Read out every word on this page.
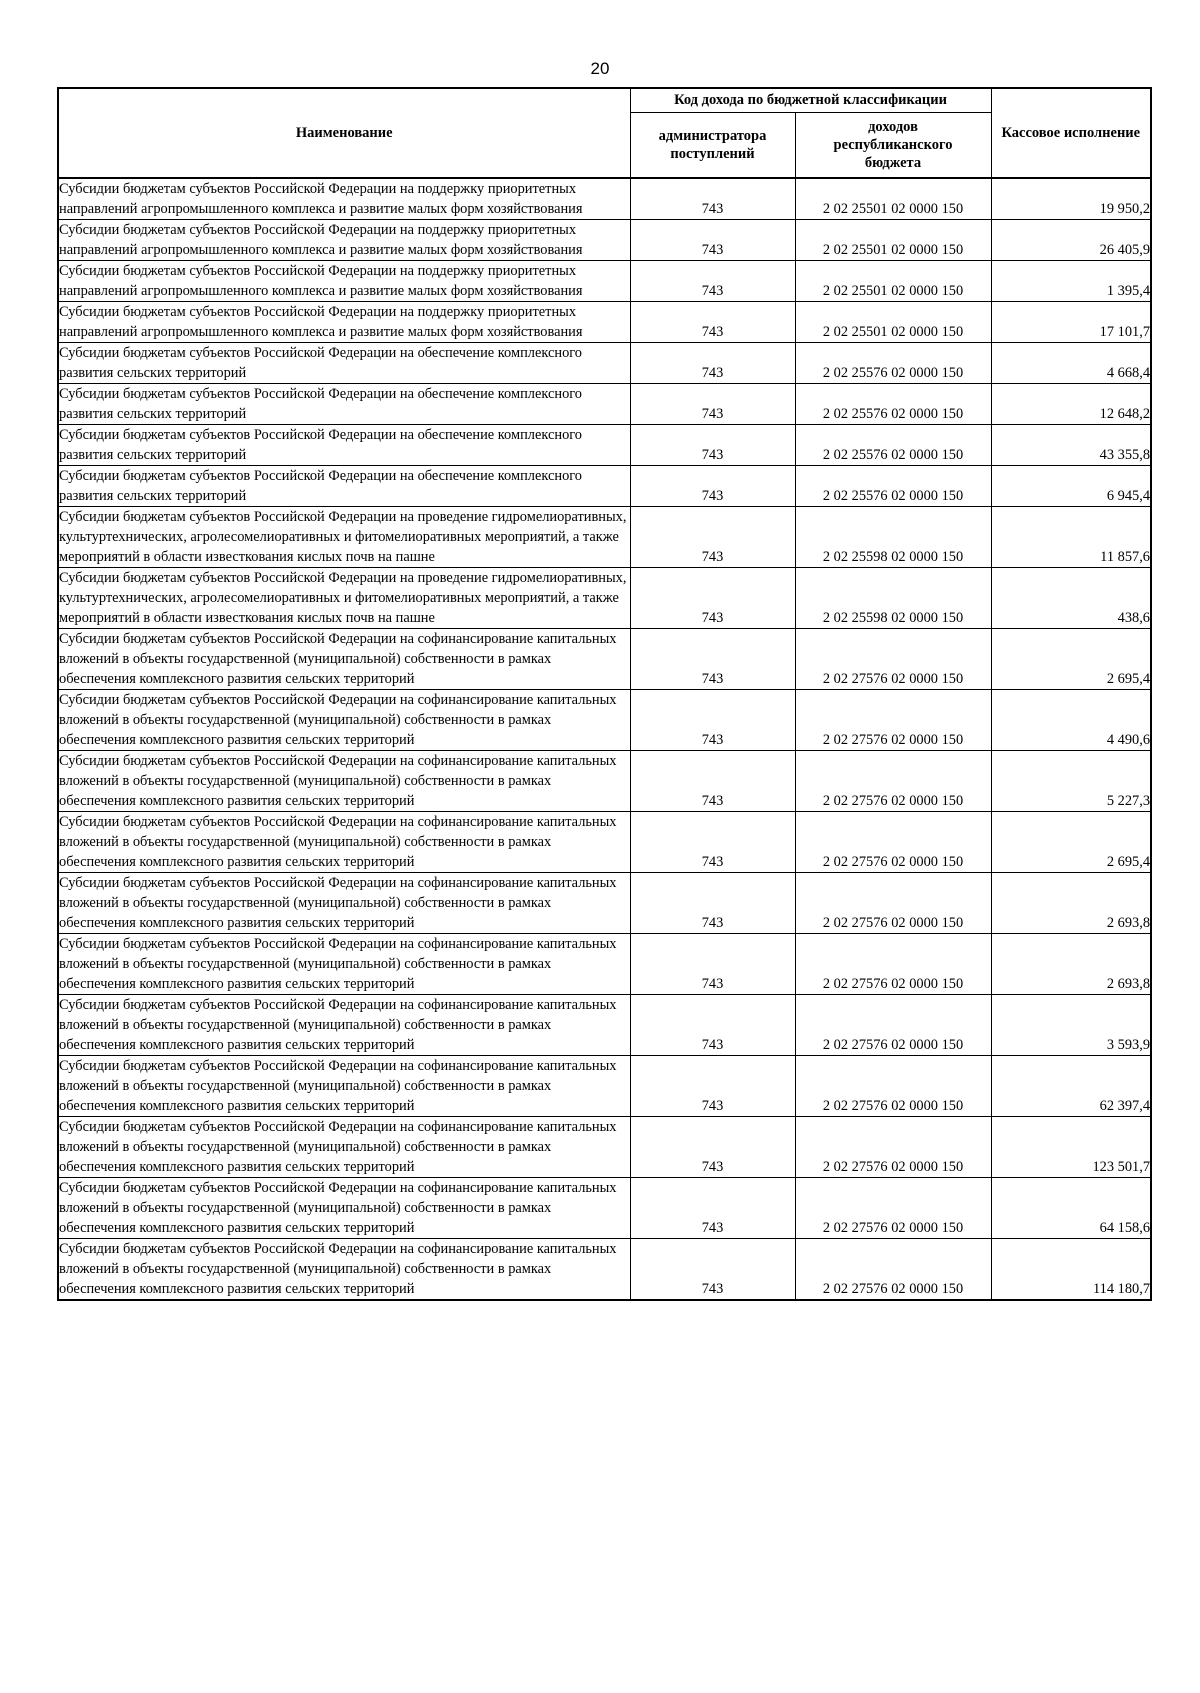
20
Наименование	Код дохода по бюджетной классификации		Кассовое исполнение
	администратора поступлений	доходов республиканского бюджета	
Субсидии бюджетам субъектов Российской Федерации на поддержку приоритетных направлений агропромышленного комплекса и развитие малых форм хозяйствования	743	2 02 25501 02 0000 150	19 950,2
Субсидии бюджетам субъектов Российской Федерации на поддержку приоритетных направлений агропромышленного комплекса и развитие малых форм хозяйствования	743	2 02 25501 02 0000 150	26 405,9
Субсидии бюджетам субъектов Российской Федерации на поддержку приоритетных направлений агропромышленного комплекса и развитие малых форм хозяйствования	743	2 02 25501 02 0000 150	1 395,4
Субсидии бюджетам субъектов Российской Федерации на поддержку приоритетных направлений агропромышленного комплекса и развитие малых форм хозяйствования	743	2 02 25501 02 0000 150	17 101,7
Субсидии бюджетам субъектов Российской Федерации на обеспечение комплексного развития сельских территорий	743	2 02 25576 02 0000 150	4 668,4
Субсидии бюджетам субъектов Российской Федерации на обеспечение комплексного развития сельских территорий	743	2 02 25576 02 0000 150	12 648,2
Субсидии бюджетам субъектов Российской Федерации на обеспечение комплексного развития сельских территорий	743	2 02 25576 02 0000 150	43 355,8
Субсидии бюджетам субъектов Российской Федерации на обеспечение комплексного развития сельских территорий	743	2 02 25576 02 0000 150	6 945,4
Субсидии бюджетам субъектов Российской Федерации на проведение гидромелиоративных, культуртехнических, агролесомелиоративных и фитомелиоративных мероприятий, а также мероприятий в области известкования кислых почв на пашне	743	2 02 25598 02 0000 150	11 857,6
Субсидии бюджетам субъектов Российской Федерации на проведение гидромелиоративных, культуртехнических, агролесомелиоративных и фитомелиоративных мероприятий, а также мероприятий в области известкования кислых почв на пашне	743	2 02 25598 02 0000 150	438,6
Субсидии бюджетам субъектов Российской Федерации на софинансирование капитальных вложений в объекты государственной (муниципальной) собственности в рамках обеспечения комплексного развития сельских территорий	743	2 02 27576 02 0000 150	2 695,4
Субсидии бюджетам субъектов Российской Федерации на софинансирование капитальных вложений в объекты государственной (муниципальной) собственности в рамках обеспечения комплексного развития сельских территорий	743	2 02 27576 02 0000 150	4 490,6
Субсидии бюджетам субъектов Российской Федерации на софинансирование капитальных вложений в объекты государственной (муниципальной) собственности в рамках обеспечения комплексного развития сельских территорий	743	2 02 27576 02 0000 150	5 227,3
Субсидии бюджетам субъектов Российской Федерации на софинансирование капитальных вложений в объекты государственной (муниципальной) собственности в рамках обеспечения комплексного развития сельских территорий	743	2 02 27576 02 0000 150	2 695,4
Субсидии бюджетам субъектов Российской Федерации на софинансирование капитальных вложений в объекты государственной (муниципальной) собственности в рамках обеспечения комплексного развития сельских территорий	743	2 02 27576 02 0000 150	2 693,8
Субсидии бюджетам субъектов Российской Федерации на софинансирование капитальных вложений в объекты государственной (муниципальной) собственности в рамках обеспечения комплексного развития сельских территорий	743	2 02 27576 02 0000 150	2 693,8
Субсидии бюджетам субъектов Российской Федерации на софинансирование капитальных вложений в объекты государственной (муниципальной) собственности в рамках обеспечения комплексного развития сельских территорий	743	2 02 27576 02 0000 150	3 593,9
Субсидии бюджетам субъектов Российской Федерации на софинансирование капитальных вложений в объекты государственной (муниципальной) собственности в рамках обеспечения комплексного развития сельских территорий	743	2 02 27576 02 0000 150	62 397,4
Субсидии бюджетам субъектов Российской Федерации на софинансирование капитальных вложений в объекты государственной (муниципальной) собственности в рамках обеспечения комплексного развития сельских территорий	743	2 02 27576 02 0000 150	123 501,7
Субсидии бюджетам субъектов Российской Федерации на софинансирование капитальных вложений в объекты государственной (муниципальной) собственности в рамках обеспечения комплексного развития сельских территорий	743	2 02 27576 02 0000 150	64 158,6
Субсидии бюджетам субъектов Российской Федерации на софинансирование капитальных вложений в объекты государственной (муниципальной) собственности в рамках обеспечения комплексного развития сельских территорий	743	2 02 27576 02 0000 150	114 180,7
